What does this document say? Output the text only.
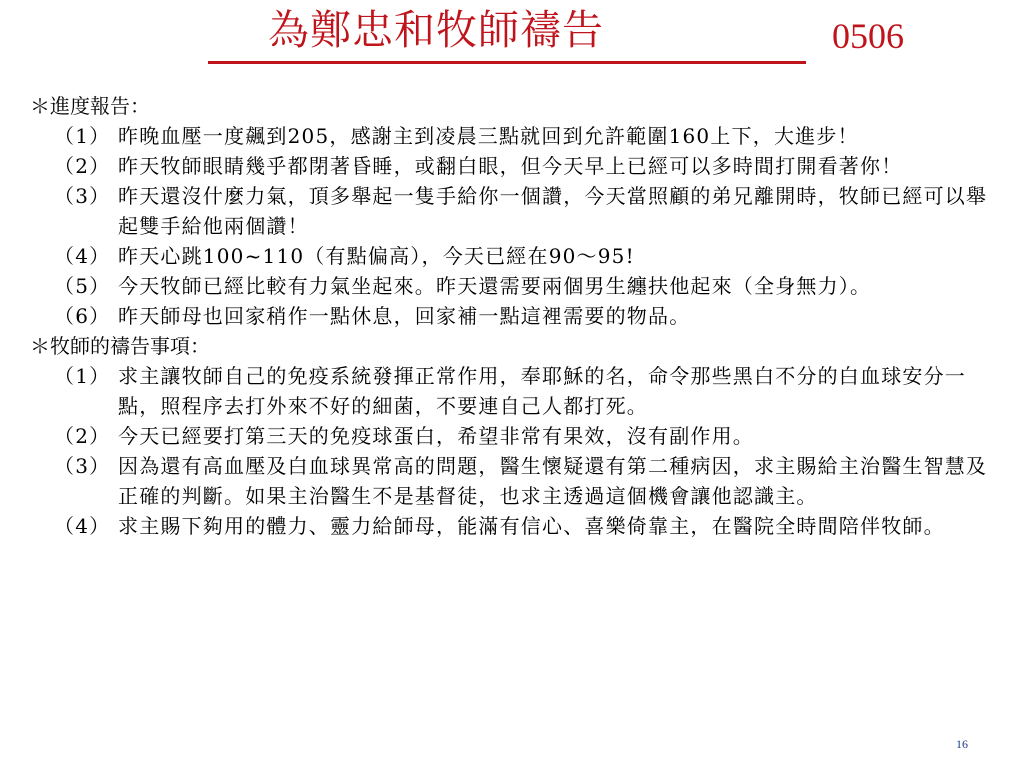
為鄭忠和牧師禱告	0506
＊進度報告：
（1） 昨晚血壓一度飆到205，感謝主到凌晨三點就回到允許範圍160上下，大進步！
（2） 昨天牧師眼睛幾乎都閉著昏睡，或翻白眼，但今天早上已經可以多時間打開看著你！
（3） 昨天還沒什麼力氣，頂多舉起一隻手給你一個讚，今天當照顧的弟兄離開時，牧師已經可以舉起雙手給他兩個讚！
（4） 昨天心跳100~110（有點偏高），今天已經在90～95!
（5） 今天牧師已經比較有力氣坐起來。昨天還需要兩個男生纏扶他起來（全身無力）。
（6） 昨天師母也回家稍作一點休息，回家補一點這裡需要的物品。
＊牧師的禱告事項：
（1） 求主讓牧師自己的免疫系統發揮正常作用，奉耶穌的名，命令那些黑白不分的白血球安分一點，照程序去打外來不好的細菌，不要連自己人都打死。
（2） 今天已經要打第三天的免疫球蛋白，希望非常有果效，沒有副作用。
（3） 因為還有高血壓及白血球異常高的問題，醫生懷疑還有第二種病因，求主賜給主治醫生智慧及正確的判斷。如果主治醫生不是基督徒，也求主透過這個機會讓他認識主。
（4） 求主賜下夠用的體力、靈力給師母，能滿有信心、喜樂倚靠主，在醫院全時間陪伴牧師。
16
